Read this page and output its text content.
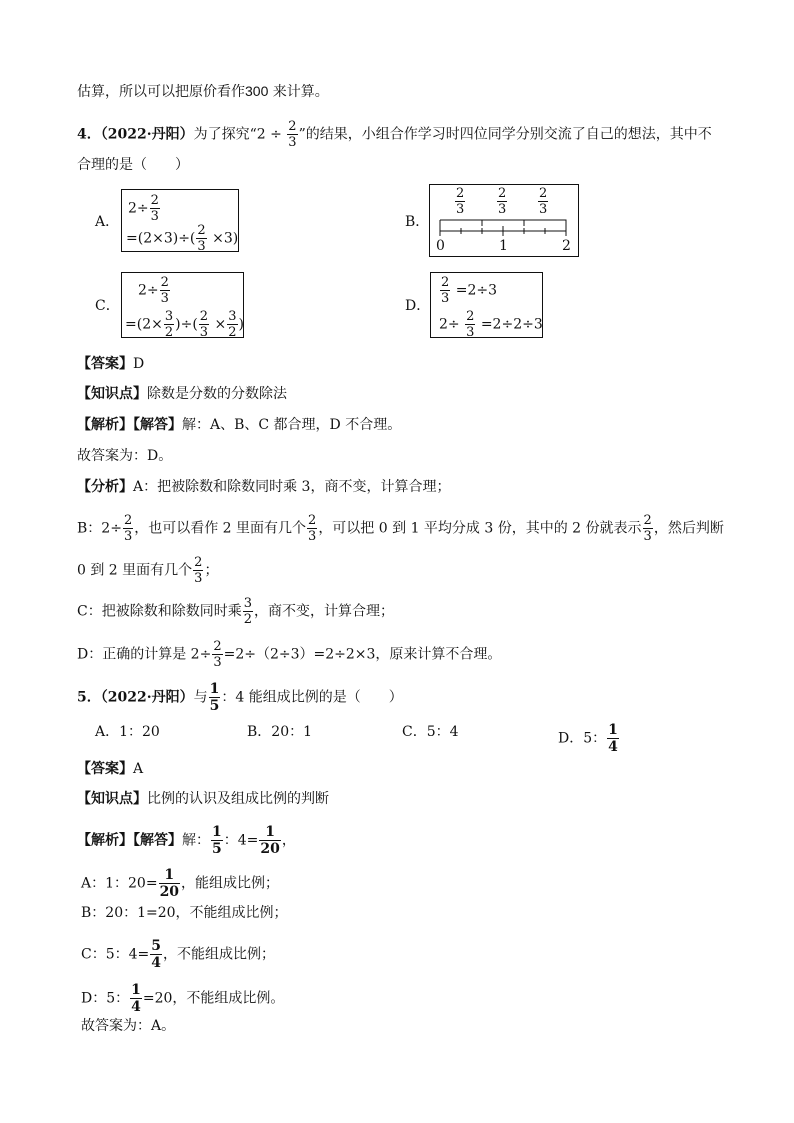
估算，所以可以把原价看作300 来计算。
4．（2022·丹阳）为了探究“$2 \div \frac{2}{3}$ ”的结果，小组合作学习时四位同学分别交流了自己的想法，其中不
合理的是（　　）
A．
$2\div \frac{2}{3}$
$=(2\times 3)\div( \frac{2}{3} \times 3)$
B．
$\frac{2}{3} \frac{2}{3} \frac{2}{3}$
0	1	2
C．
$2\div \frac{2}{3}$
$=(2\times \frac{3}{2}$ )÷( $\frac{2}{3} \times \frac{3}{2}$ )
D．
$\frac{2}{3} =2\div 3$
$2\div \frac{2}{3} =2\div 2\div 3$
【答案】D
【知识点】除数是分数的分数除法
【解析】【解答】解：A、B、C 都合理，D 不合理。
故答案为：D。
【分析】A：把被除数和除数同时乘 3，商不变，计算合理；
B：$2\div \frac{2}{3}$ ，也可以看作 2 里面有几个 $\frac{2}{3}$ ，可以把 0 到 1 平均分成 3 份，其中的 2 份就表示 $\frac{2}{3}$ ，然后判断
0 到 2 里面有几个 $\frac{2}{3}$ ；
C：把被除数和除数同时乘 $\frac{3}{2}$ ，商不变，计算合理；
D：正确的计算是 $2\div \frac{2}{3} =2\div(2\div 3)=2\div 2\times 3$，原来计算不合理。
5．（2022·丹阳）与 $\frac{1}{5}$ ：4 能组成比例的是（　　）
A．1：20	B．20：1	C．5：4	D．5： $\frac{1}{4}$
【答案】A
【知识点】比例的认识及组成比例的判断
【解析】【解答】解： $\frac{1}{5}$ ：$4= \frac{1}{20}$ ，
A：1：$20= \frac{1}{20}$ ，能组成比例；
B：20：1=20，不能组成比例；
C：5：$4= \frac{5}{4}$ ，不能组成比例；
D：5： $\frac{1}{4} =20$，不能组成比例。
故答案为：A。
